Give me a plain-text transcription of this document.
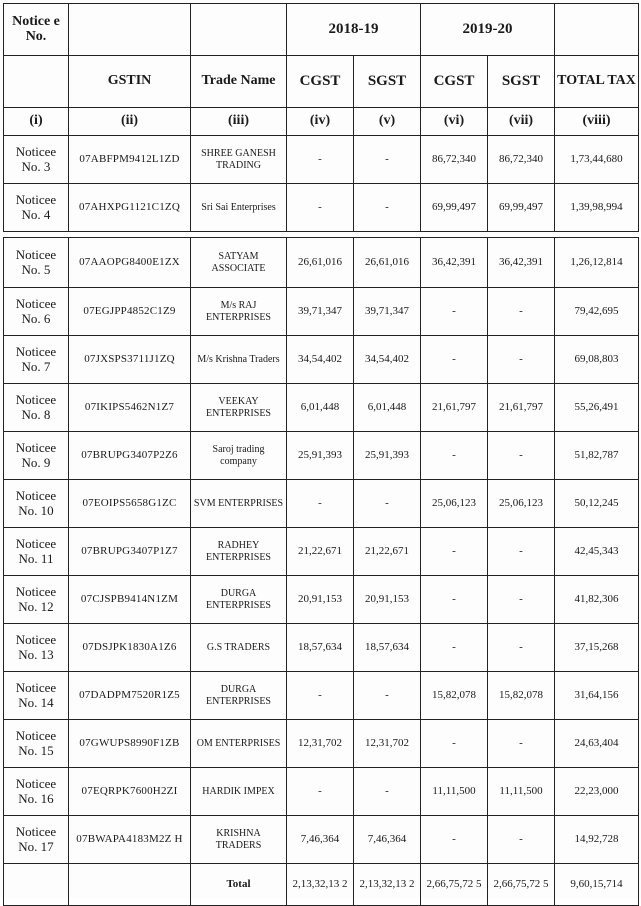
Notice e No.			2018-19		2019-20		
	GSTIN	Trade Name	CGST	SGST	CGST	SGST	TOTAL TAX
(i)	(ii)	(iii)	(iv)	(v)	(vi)	(vii)	(viii)
Noticee No. 3	07ABFPM9412L1ZD	SHREE GANESH TRADING	-	-	86,72,340	86,72,340	1,73,44,680
Noticee No. 4	07AHXPG1121C1ZQ	Sri Sai Enterprises	-	-	69,99,497	69,99,497	1,39,98,994
Noticee No. 5	07AAOPG8400E1ZX	SATYAM ASSOCIATE	26,61,016	26,61,016	36,42,391	36,42,391	1,26,12,814
Noticee No. 6	07EGJPP4852C1Z9	M/s RAJ ENTERPRISES	39,71,347	39,71,347	-	-	79,42,695
Noticee No. 7	07JXSPS3711J1ZQ	M/s Krishna Traders	34,54,402	34,54,402	-	-	69,08,803
Noticee No. 8	07IKIPS5462N1Z7	VEEKAY ENTERPRISES	6,01,448	6,01,448	21,61,797	21,61,797	55,26,491
Noticee No. 9	07BRUPG3407P2Z6	Saroj trading company	25,91,393	25,91,393	-	-	51,82,787
Noticee No. 10	07EOIPS5658G1ZC	SVM ENTERPRISES	-	-	25,06,123	25,06,123	50,12,245
Noticee No. 11	07BRUPG3407P1Z7	RADHEY ENTERPRISES	21,22,671	21,22,671	-	-	42,45,343
Noticee No. 12	07CJSPB9414N1ZM	DURGA ENTERPRISES	20,91,153	20,91,153	-	-	41,82,306
Noticee No. 13	07DSJPK1830A1Z6	G.S TRADERS	18,57,634	18,57,634	-	-	37,15,268
Noticee No. 14	07DADPM7520R1Z5	DURGA ENTERPRISES	-	-	15,82,078	15,82,078	31,64,156
Noticee No. 15	07GWUPS8990F1ZB	OM ENTERPRISES	12,31,702	12,31,702	-	-	24,63,404
Noticee No. 16	07EQRPK7600H2ZI	HARDIK IMPEX	-	-	11,11,500	11,11,500	22,23,000
Noticee No. 17	07BWAPA4183M2Z H	KRISHNA TRADERS	7,46,364	7,46,364	-	-	14,92,728
		Total	2,13,32,13 2	2,13,32,13 2	2,66,75,72 5	2,66,75,72 5	9,60,15,714
